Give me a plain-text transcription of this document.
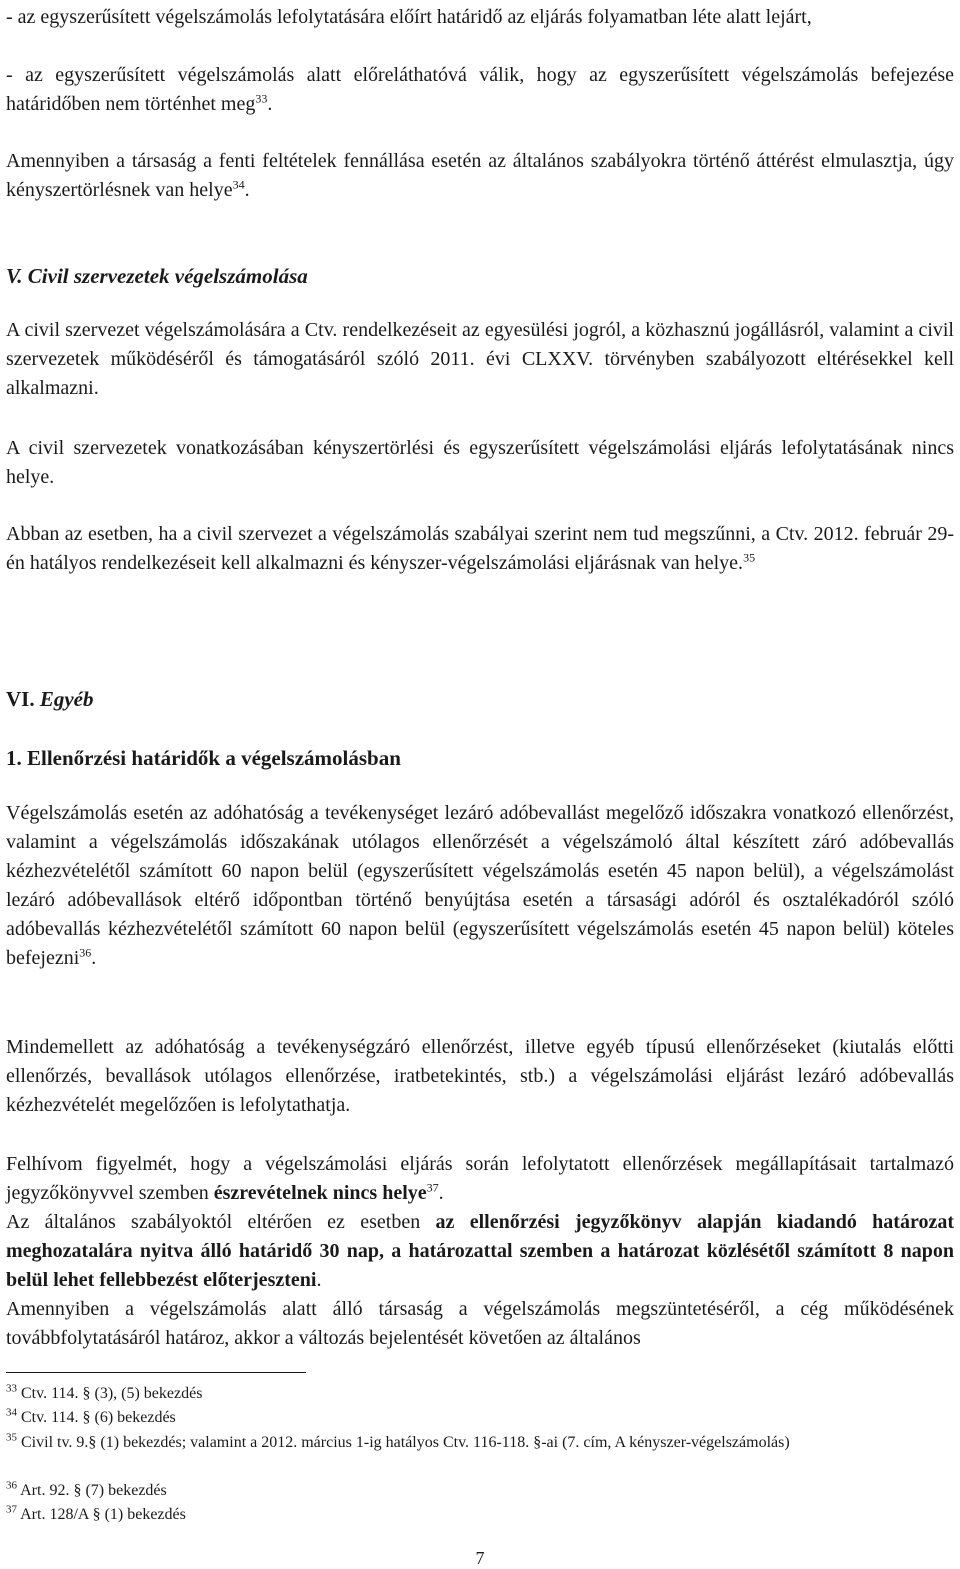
- az egyszerűsített végelszámolás lefolytatására előírt határidő az eljárás folyamatban léte alatt lejárt,

- az egyszerűsített végelszámolás alatt előreláthatóvá válik, hogy az egyszerűsített végelszámolás befejezése határidőben nem történhet meg$^{33}$.

Amennyiben a társaság a fenti feltételek fennállása esetén az általános szabályokra történő áttérést elmulasztja, úgy kényszertörlésnek van helye$^{34}$.

V. Civil szervezetek végelszámolása

A civil szervezet végelszámolására a Ctv. rendelkezéseit az egyesülési jogról, a közhasznú jogállásról, valamint a civil szervezetek működéséről és támogatásáról szóló 2011. évi CLXXV. törvényben szabályozott eltérésekkel kell alkalmazni.

A civil szervezetek vonatkozásában kényszertörlési és egyszerűsített végelszámolási eljárás lefolytatásának nincs helye.

Abban az esetben, ha a civil szervezet a végelszámolás szabályai szerint nem tud megszűnni, a Ctv. 2012. február 29-én hatályos rendelkezéseit kell alkalmazni és kényszer-végelszámolási eljárásnak van helye.$^{35}$

VI. Egyéb
1. Ellenőrzési határidők a végelszámolásban

Végelszámolás esetén az adóhatóság a tevékenységet lezáró adóbevallást megelőző időszakra vonatkozó ellenőrzést, valamint a végelszámolás időszakának utólagos ellenőrzését a végelszámoló által készített záró adóbevallás kézhezvételétől számított 60 napon belül (egyszerűsített végelszámolás esetén 45 napon belül), a végelszámolást lezáró adóbevallások eltérő időpontban történő benyújtása esetén a társasági adóról és osztalékadóról szóló adóbevallás kézhezvételétől számított 60 napon belül (egyszerűsített végelszámolás esetén 45 napon belül) köteles befejezni$^{36}$.

Mindemellett az adóhatóság a tevékenységzáró ellenőrzést, illetve egyéb típusú ellenőrzéseket (kiutalás előtti ellenőrzés, bevallások utólagos ellenőrzése, iratbetekintés, stb.) a végelszámolási eljárást lezáró adóbevallás kézhezvételét megelőzően is lefolytathatja.

Felhívom figyelmét, hogy a végelszámolási eljárás során lefolytatott ellenőrzések megállapításait tartalmazó jegyzőkönyvvel szemben észrevételnek nincs helye$^{37}$.

Az általános szabályoktól eltérően ez esetben az ellenőrzési jegyzőkönyv alapján kiadandó határozat meghozatalára nyitva álló határidő 30 nap, a határozattal szemben a határozat közlésétől számított 8 napon belül lehet fellebbezést előterjeszteni.

Amennyiben a végelszámolás alatt álló társaság a végelszámolás megszüntetéséről, a cég működésének továbbfolytatásáról határoz, akkor a változás bejelentését követően az általános

$^{33}$ Ctv. 114. § (3), (5) bekezdés

$^{34}$ Ctv. 114. § (6) bekezdés

$^{35}$ Civil tv. 9.§ (1) bekezdés; valamint a 2012. március 1-ig hatályos Ctv. 116-118. §-ai (7. cím, A kényszer-végelszámolás)

$^{36}$ Art. 92. § (7) bekezdés

$^{37}$ Art. 128/A § (1) bekezdés

7
